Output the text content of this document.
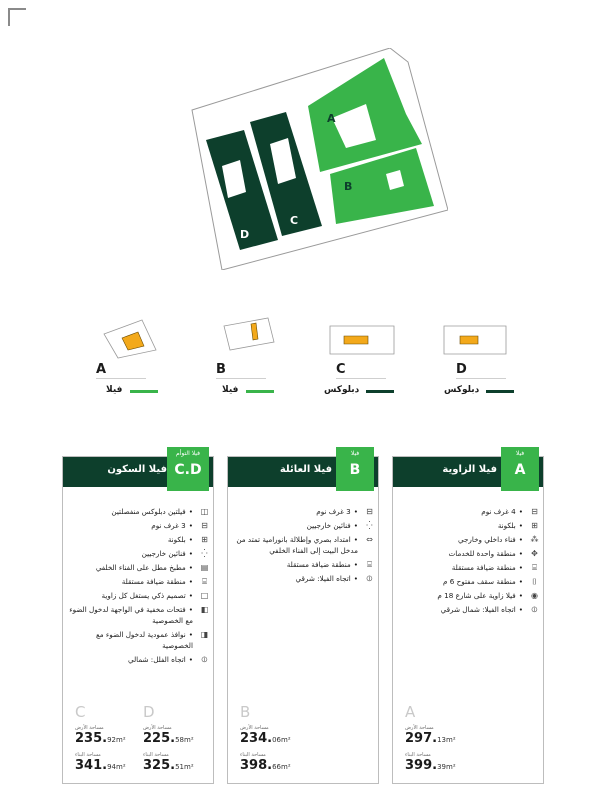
A
B
C
D
A
فيلا
B
فيلا
C
دبلوكس
D
دبلوكس
فيلا السكون
فيلا التوأم
C.D
◫
•فيلتين دبلوكس منفصلتين
⊟
•3 غرف نوم
⊞
•بلكونة
⁛
•فنائين خارجيين
▤
•مطبخ مطل على الفناء الخلفي
⌸
•منطقة ضيافة مستقلة
□
•تصميم ذكي يستغل كل زاوية
◧
•فتحات مخفية في الواجهة لدخول الضوء مع الخصوصية
◨
•نوافذ عمودية لدخول الضوء مع الخصوصية
⦶
•اتجاه الفلل: شمالي
C
مساحة الأرض
235.92m²
مساحة البناء
341.94m²
D
مساحة الأرض
225.58m²
مساحة البناء
325.51m²
فيلا العائلة
فيلا
B
⊟
•3 غرف نوم
⁛
•فنائين خارجيين
⇔
•امتداد بصري وإطلالة بانورامية تمتد من مدخل البيت إلى الفناء الخلفي
⌸
•منطقة ضيافة مستقلة
⦶
•اتجاه الفيلا: شرقي
B
مساحة الأرض
234.06m²
مساحة البناء
398.66m²
فيلا الزاوية
فيلا
A
⊟
•4 غرف نوم
⊞
•بلكونة
⁂
•فناء داخلي وخارجي
✥
•منطقة واحدة للخدمات
⌸
•منطقة ضيافة مستقلة
⌷
•منطقة سقف مفتوح 6 م
◉
•فيلا زاوية على شارع 18 م
⦶
•اتجاه الفيلا: شمال شرقي
A
مساحة الأرض
297.13m²
مساحة البناء
399.39m²
